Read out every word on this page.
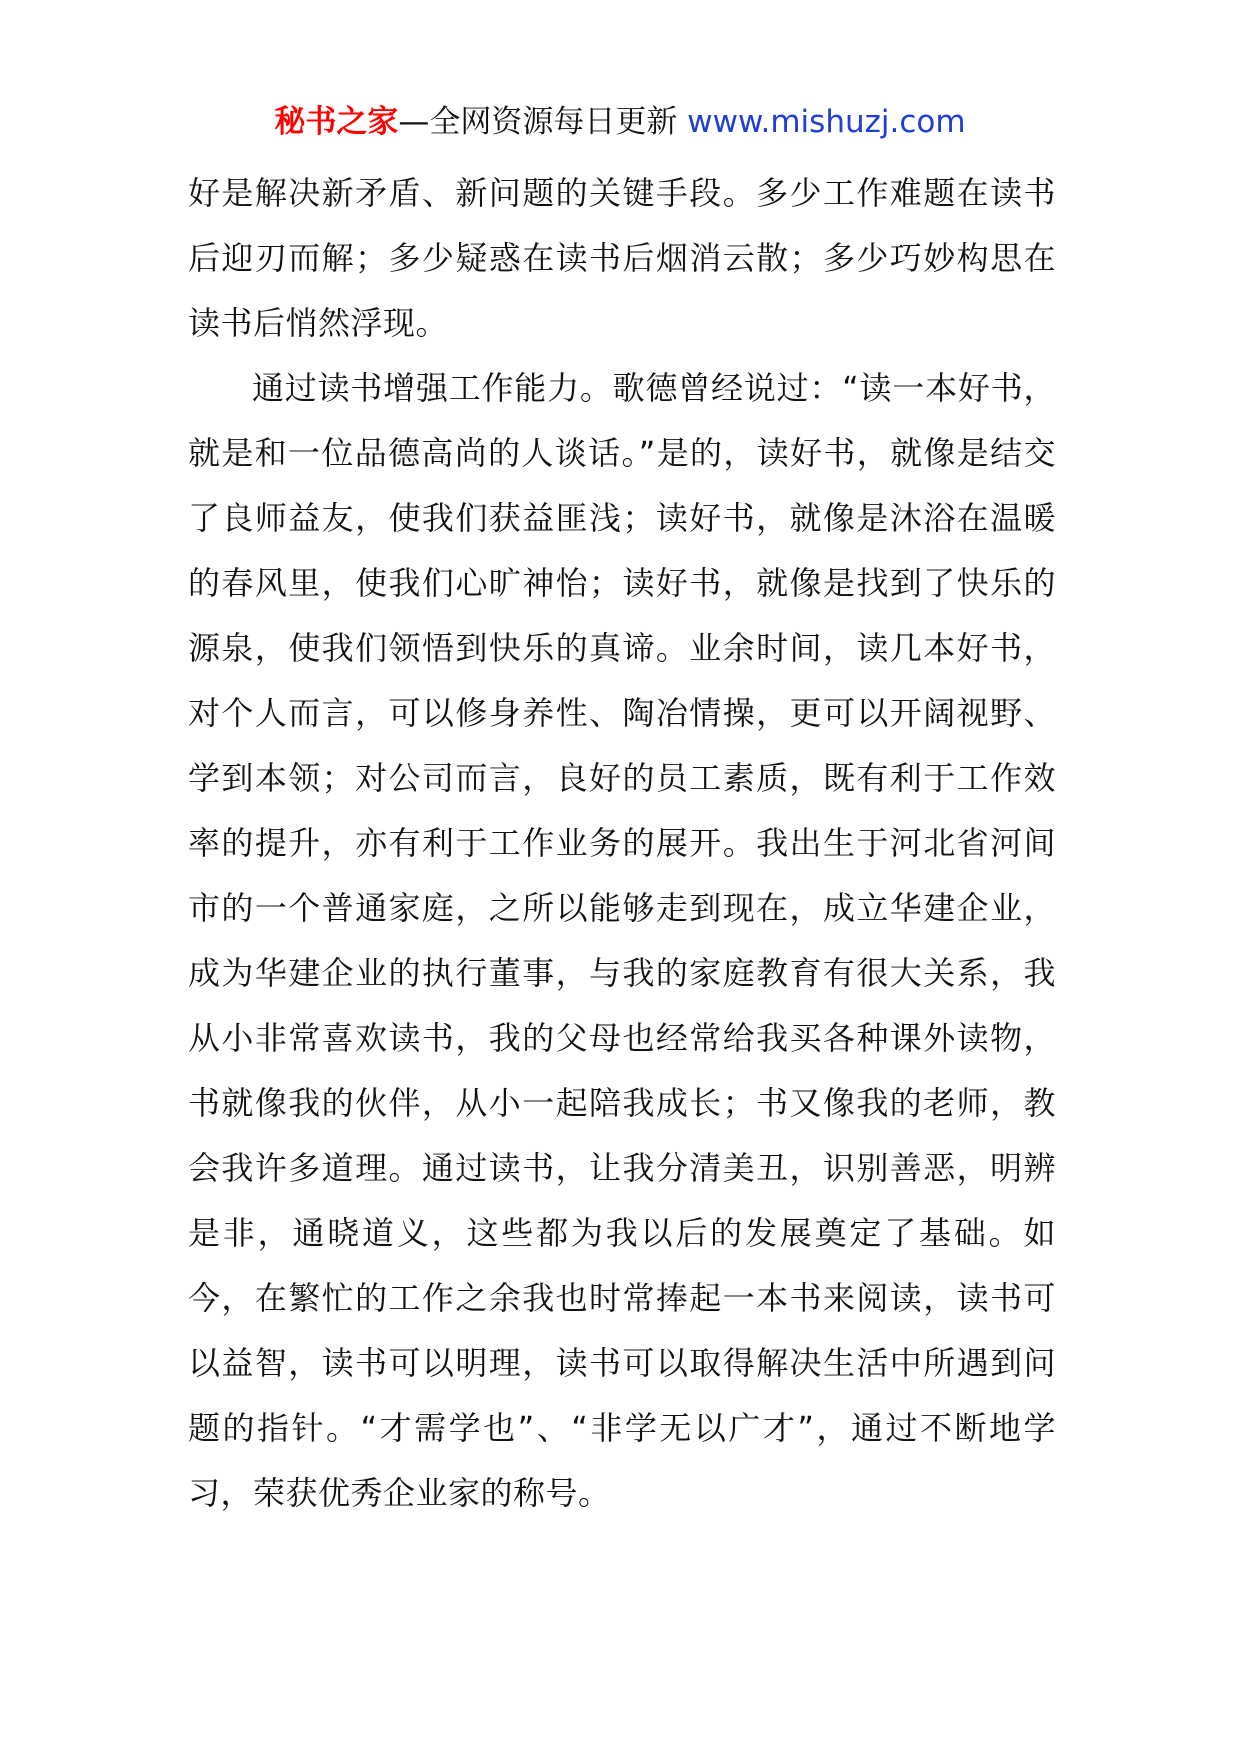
秘书之家—全网资源每日更新 www.mishuzj.com

好是解决新矛盾、新问题的关键手段。多少工作难题在读书后迎刃而解；多少疑惑在读书后烟消云散；多少巧妙构思在读书后悄然浮现。

通过读书增强工作能力。歌德曾经说过：“读一本好书，就是和一位品德高尚的人谈话。”是的，读好书，就像是结交了良师益友，使我们获益匪浅；读好书，就像是沐浴在温暖的春风里，使我们心旷神怡；读好书，就像是找到了快乐的源泉，使我们领悟到快乐的真谛。业余时间，读几本好书，对个人而言，可以修身养性、陶冶情操，更可以开阔视野、学到本领；对公司而言，良好的员工素质，既有利于工作效率的提升，亦有利于工作业务的展开。我出生于河北省河间市的一个普通家庭，之所以能够走到现在，成立华建企业，成为华建企业的执行董事，与我的家庭教育有很大关系，我从小非常喜欢读书，我的父母也经常给我买各种课外读物，书就像我的伙伴，从小一起陪我成长；书又像我的老师，教会我许多道理。通过读书，让我分清美丑，识别善恶，明辨是非，通晓道义，这些都为我以后的发展奠定了基础。如今，在繁忙的工作之余我也时常捧起一本书来阅读，读书可以益智，读书可以明理，读书可以取得解决生活中所遇到问题的指针。“才需学也”、“非学无以广才”，通过不断地学习，荣获优秀企业家的称号。
